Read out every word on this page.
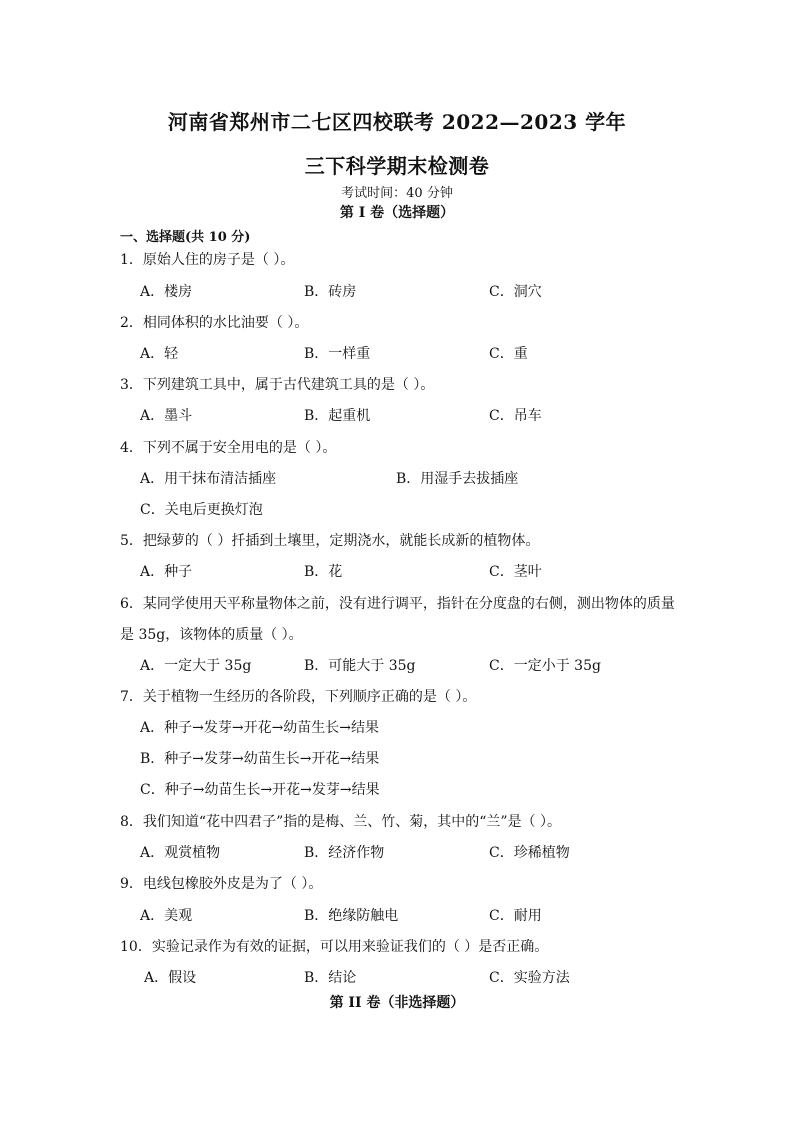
河南省郑州市二七区四校联考 2022—2023 学年
三下科学期末检测卷
考试时间：40 分钟
第 I 卷（选择题）
一、选择题(共 10 分)
1．原始人住的房子是（ ）。
A．楼房	B．砖房	C．洞穴
2．相同体积的水比油要（ ）。
A．轻	B．一样重	C．重
3．下列建筑工具中，属于古代建筑工具的是（ ）。
A．墨斗	B．起重机	C．吊车
4．下列不属于安全用电的是（ ）。
A．用干抹布清洁插座	B．用湿手去拔插座
C．关电后更换灯泡
5．把绿萝的（ ）扦插到土壤里，定期浇水，就能长成新的植物体。
A．种子	B．花	C．茎叶
6．某同学使用天平称量物体之前，没有进行调平，指针在分度盘的右侧，测出物体的质量
是 35g，该物体的质量（ ）。
A．一定大于 35g	B．可能大于 35g	C．一定小于 35g
7．关于植物一生经历的各阶段，下列顺序正确的是（ ）。
A．种子→发芽→开花→幼苗生长→结果
B．种子→发芽→幼苗生长→开花→结果
C．种子→幼苗生长→开花→发芽→结果
8．我们知道“花中四君子”指的是梅、兰、竹、菊，其中的“兰”是（ ）。
A．观赏植物	B．经济作物	C．珍稀植物
9．电线包橡胶外皮是为了（ ）。
A．美观	B．绝缘防触电	C．耐用
10．实验记录作为有效的证据，可以用来验证我们的（ ）是否正确。
A．假设	B．结论	C．实验方法
第 II 卷（非选择题）
